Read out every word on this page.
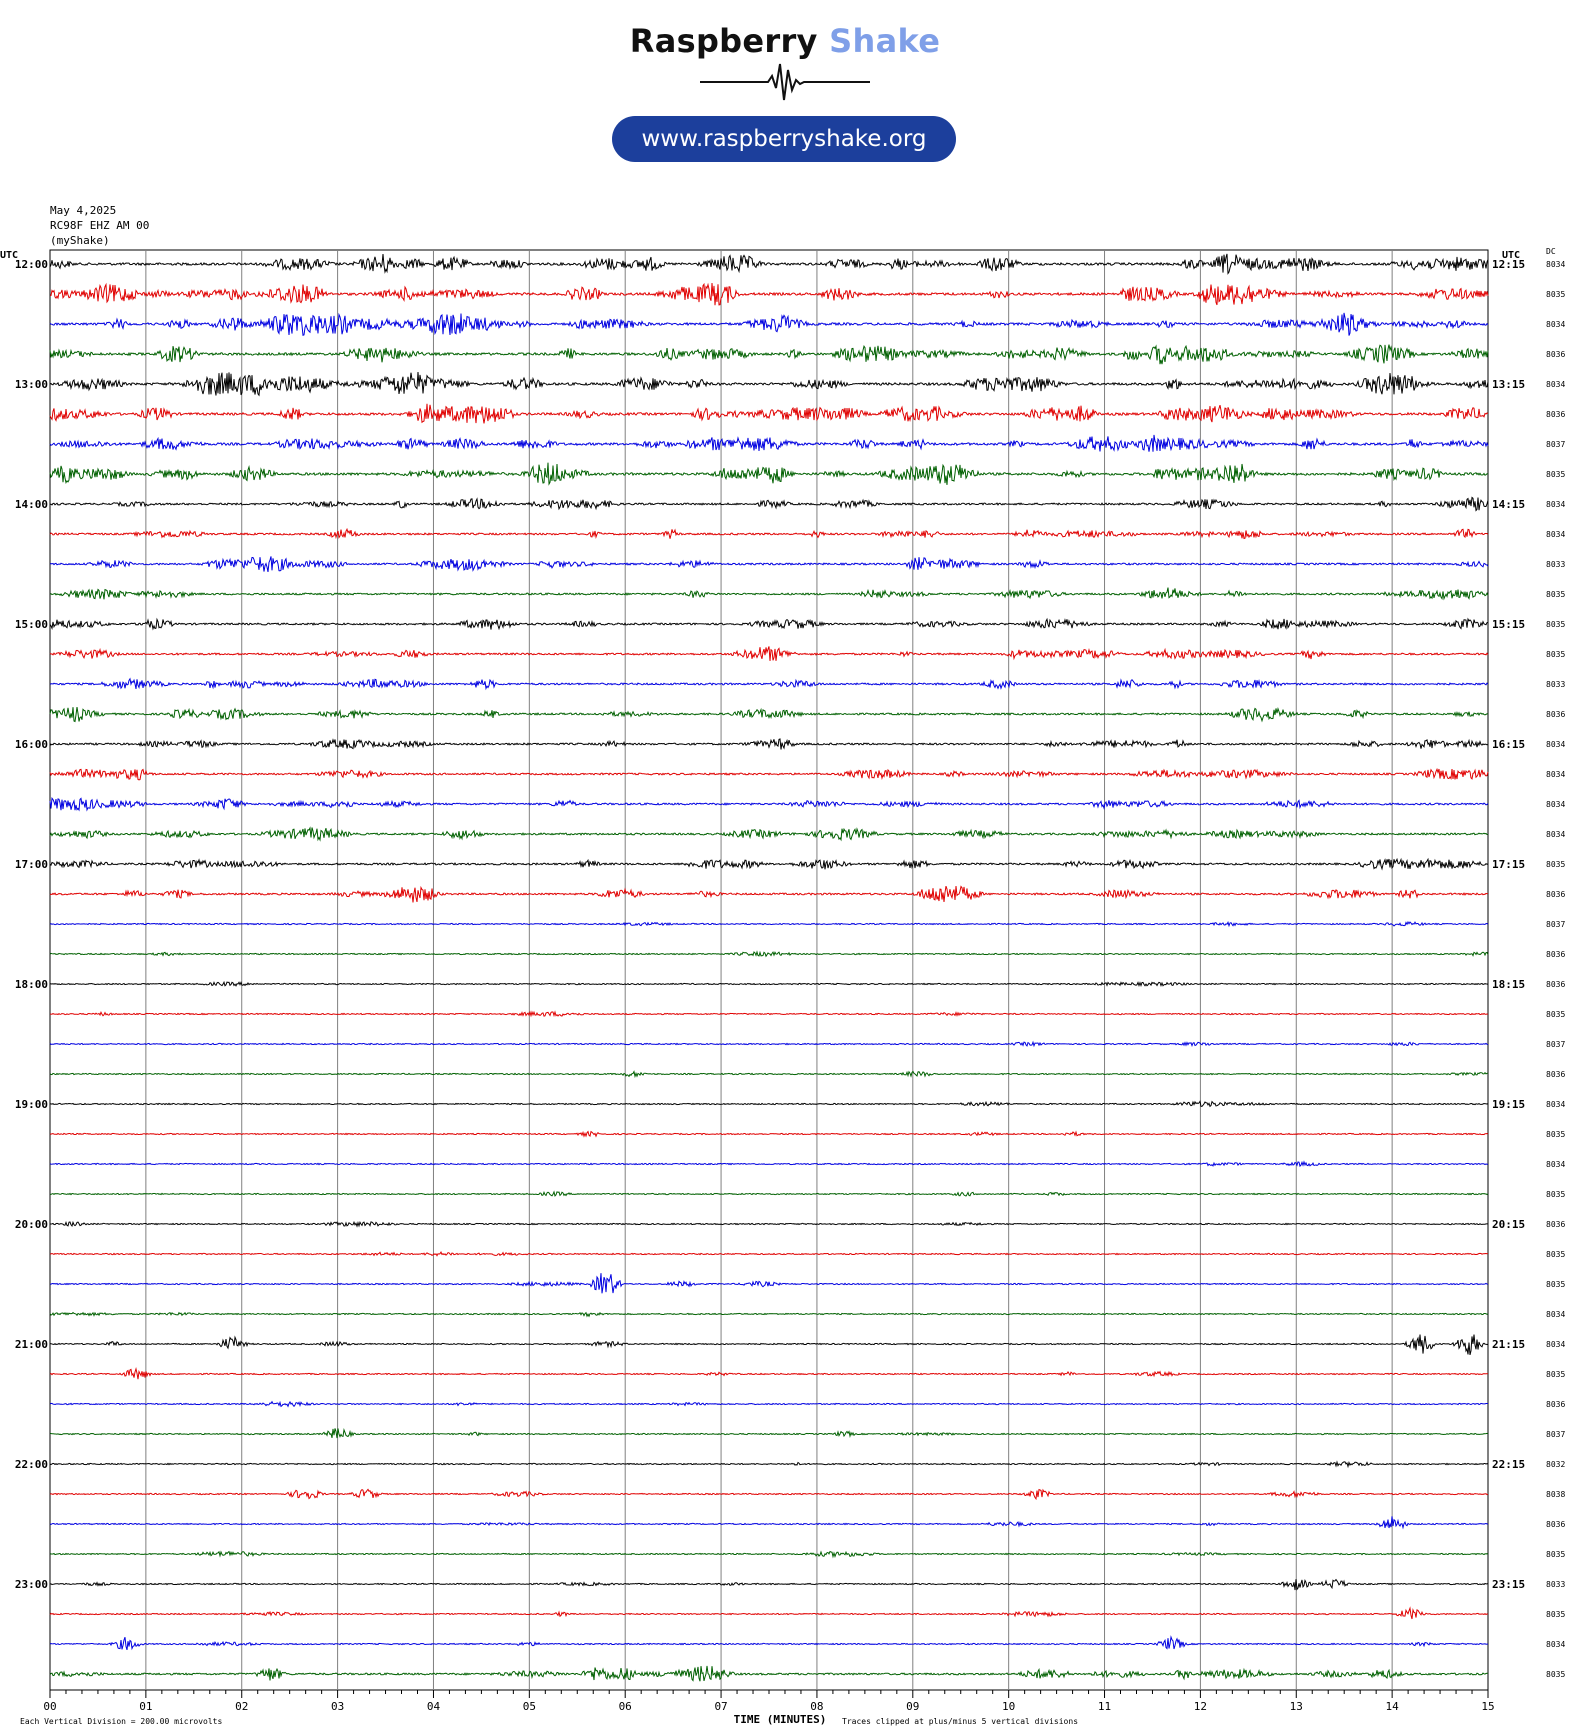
Raspberry Shake
www.raspberryshake.org
May 4,2025
RC98F EHZ AM 00
(myShake)
00	01	02	03	04	05	06	07	08	09	10	11	12	13	14	15
UTC	UTC	DC
8034
8035
8034
8036
8034
8036
8037
8035
8034
8034
8033
8035
8035
8035
8033
8036
8034
8034
8034
8034
8035
8036
8037
8036
8036
8035
8037
8036
8034
8035
8034
8035
8036
8035
8035
8034
8034
8035
8036
8037
8032
8038
8036
8035
8033
8035
8034
8035
12:00
13:00
14:00
15:00
16:00
17:00
18:00
19:00
20:00
21:00
22:00
23:00
12:15
13:15
14:15
15:15
16:15
17:15
18:15
19:15
20:15
21:15
22:15
23:15
Each Vertical Division = 200.00 microvolts	TIME (MINUTES) Traces clipped at plus/minus 5 vertical divisions
